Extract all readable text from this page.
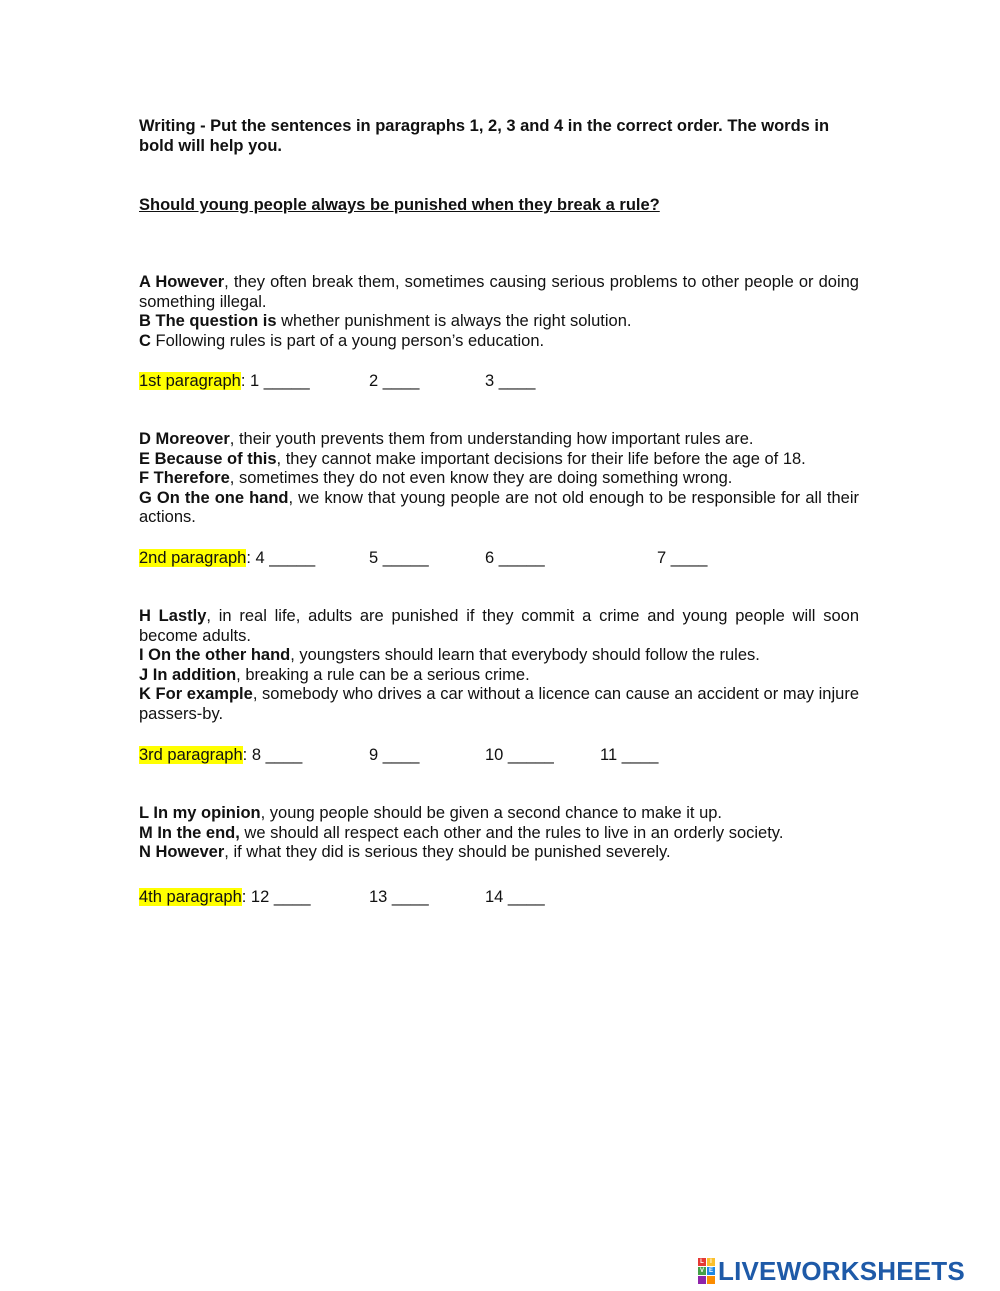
Writing - Put the sentences in paragraphs 1, 2, 3 and 4 in the correct order. The words in bold will help you.
Should young people always be punished when they break a rule?
A However, they often break them, sometimes causing serious problems to other people or doing something illegal.
B The question is whether punishment is always the right solution.
C Following rules is part of a young person’s education.
1st paragraph: 1 _____	2 ____	3 ____
D Moreover, their youth prevents them from understanding how important rules are.
E Because of this, they cannot make important decisions for their life before the age of 18.
F Therefore, sometimes they do not even know they are doing something wrong.
G On the one hand, we know that young people are not old enough to be responsible for all their actions.
2nd paragraph: 4 _____	5 _____	6 _____	7 ____
H Lastly, in real life, adults are punished if they commit a crime and young people will soon become adults.
I On the other hand, youngsters should learn that everybody should follow the rules.
J In addition, breaking a rule can be a serious crime.
K For example, somebody who drives a car without a licence can cause an accident or may injure passers-by.
3rd paragraph: 8 ____	9 ____	10 _____	11 ____
L In my opinion, young people should be given a second chance to make it up.
M In the end, we should all respect each other and the rules to live in an orderly society.
N However, if what they did is serious they should be punished severely.
4th paragraph: 12 ____	13 ____	14 ____
L	I
V E LIVEWORKSHEETS
